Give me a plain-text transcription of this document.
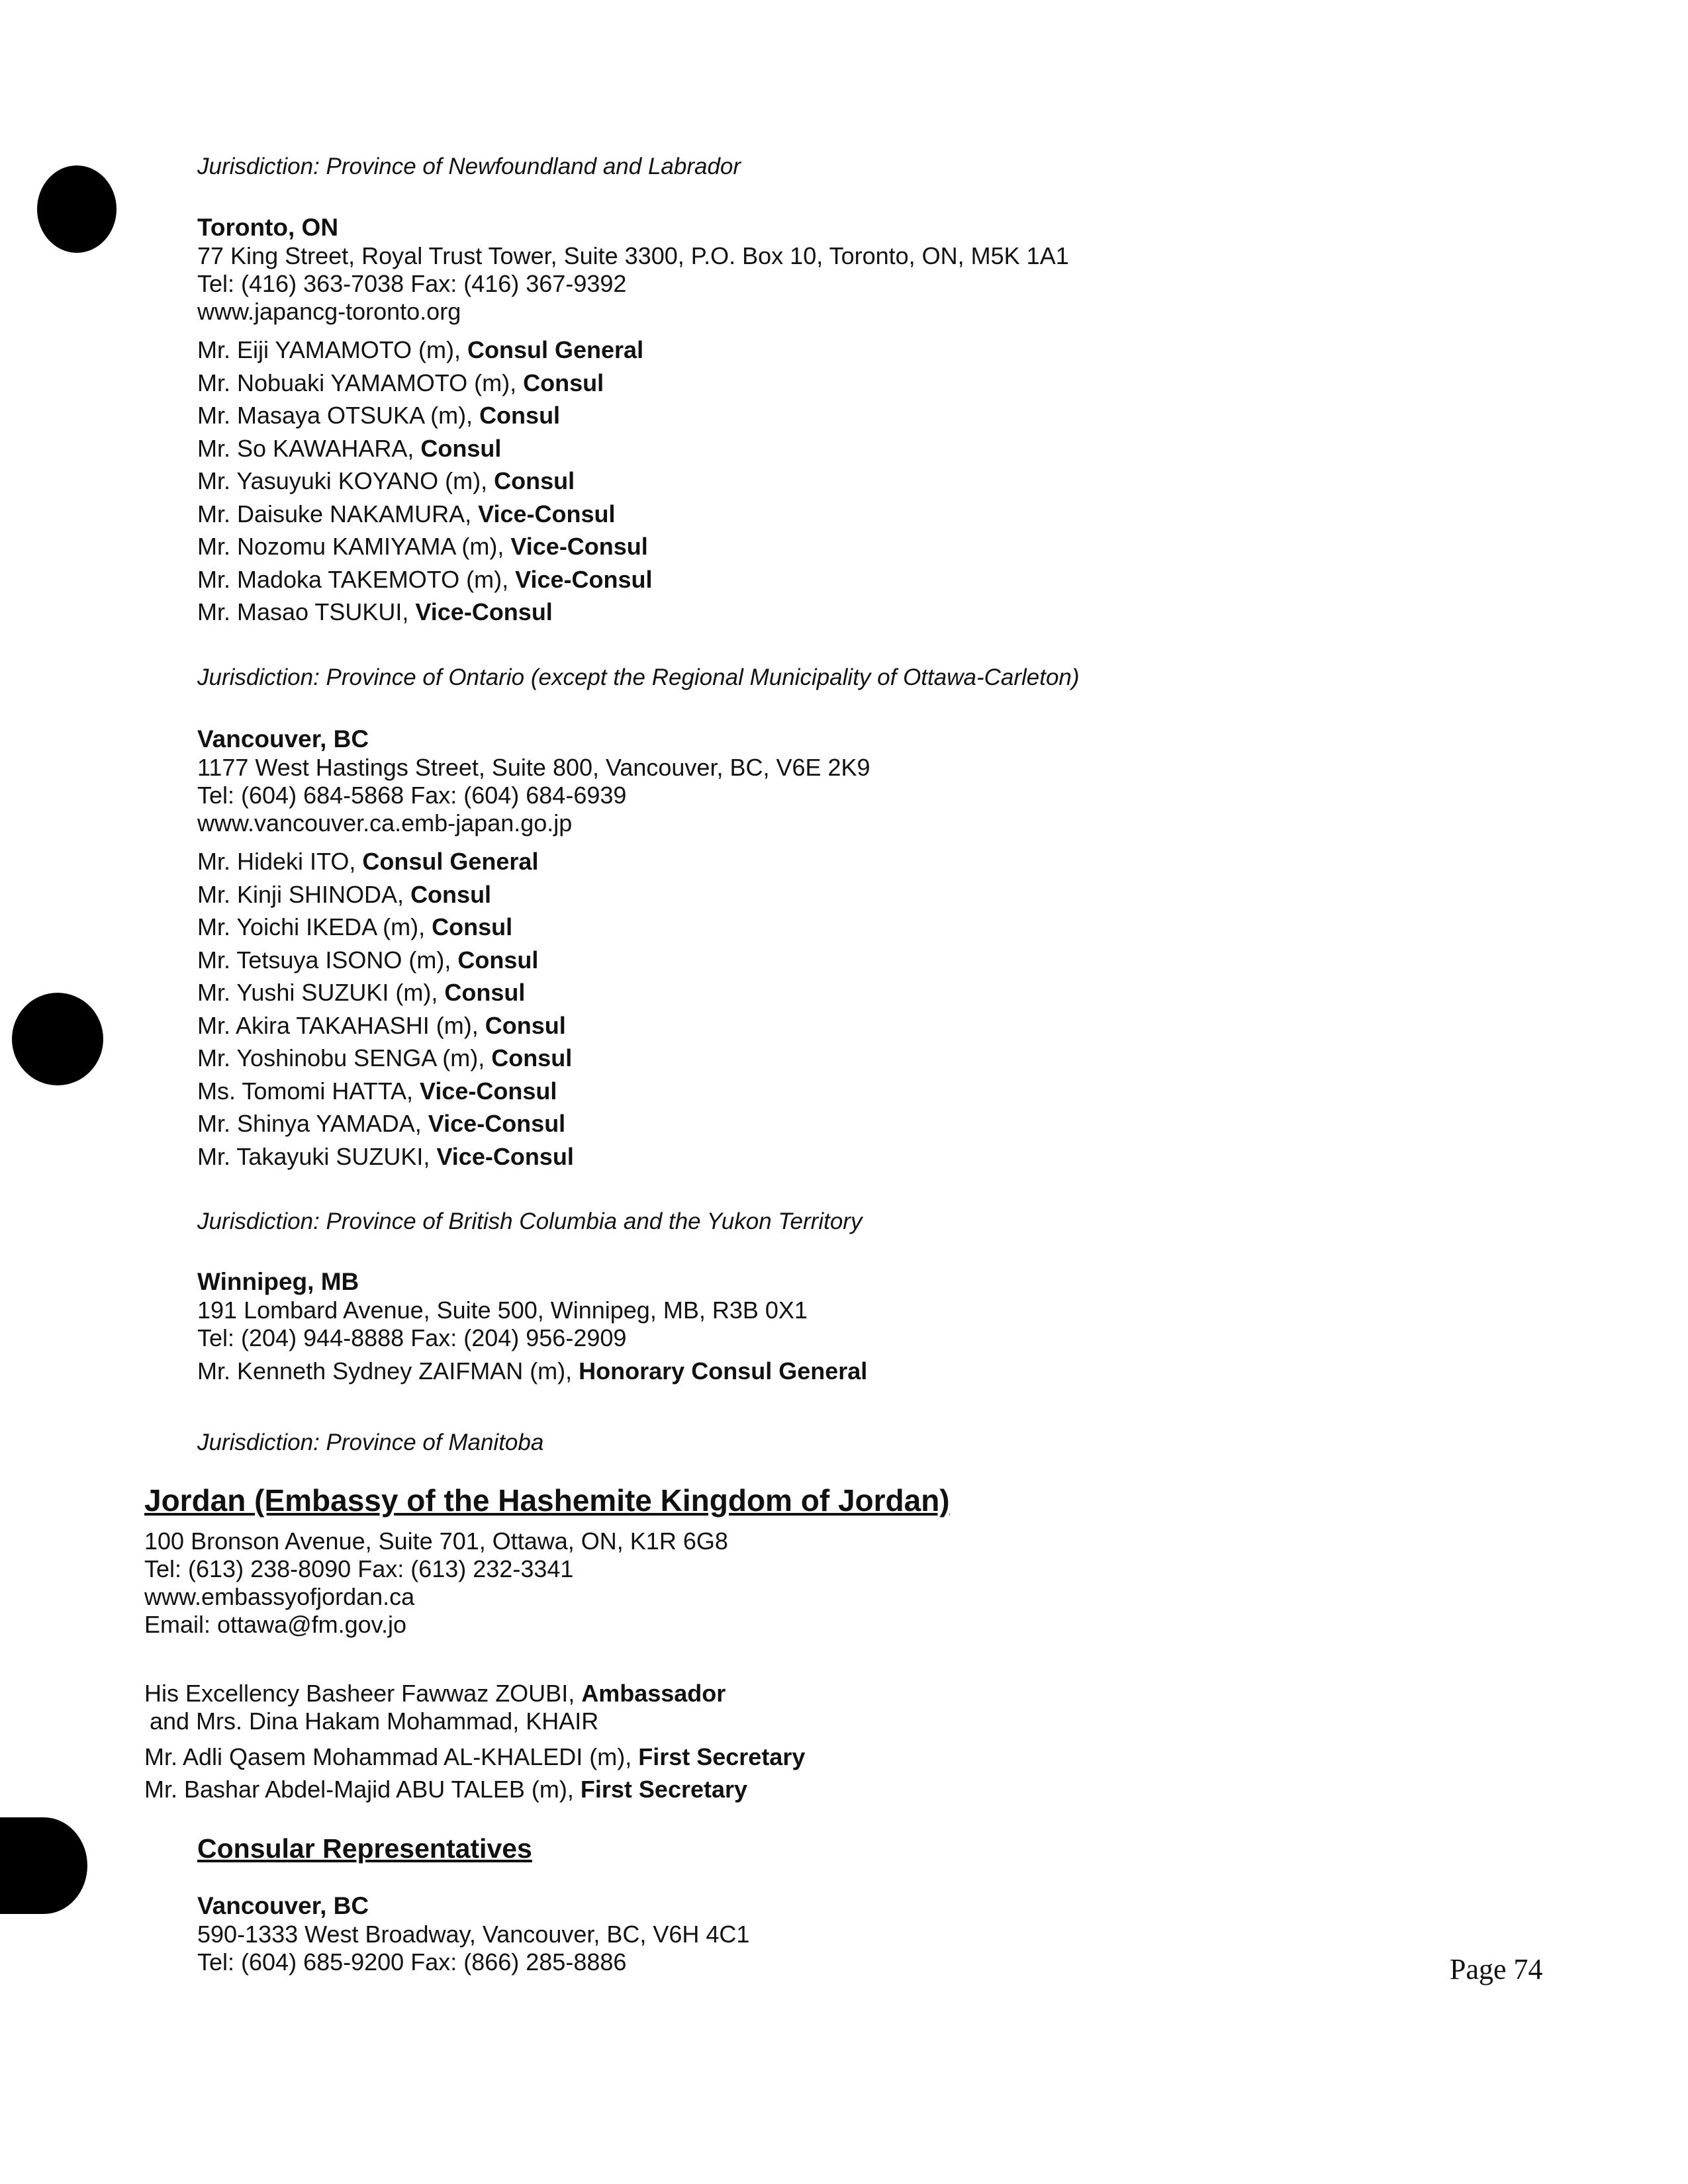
Jurisdiction: Province of Newfoundland and Labrador
Toronto, ON
77 King Street, Royal Trust Tower, Suite 3300, P.O. Box 10, Toronto, ON, M5K 1A1
Tel: (416) 363-7038 Fax: (416) 367-9392
www.japancg-toronto.org
Mr. Eiji YAMAMOTO (m), Consul General
Mr. Nobuaki YAMAMOTO (m), Consul
Mr. Masaya OTSUKA (m), Consul
Mr. So KAWAHARA, Consul
Mr. Yasuyuki KOYANO (m), Consul
Mr. Daisuke NAKAMURA, Vice-Consul
Mr. Nozomu KAMIYAMA (m), Vice-Consul
Mr. Madoka TAKEMOTO (m), Vice-Consul
Mr. Masao TSUKUI, Vice-Consul
Jurisdiction: Province of Ontario (except the Regional Municipality of Ottawa-Carleton)
Vancouver, BC
1177 West Hastings Street, Suite 800, Vancouver, BC, V6E 2K9
Tel: (604) 684-5868 Fax: (604) 684-6939
www.vancouver.ca.emb-japan.go.jp
Mr. Hideki ITO, Consul General
Mr. Kinji SHINODA, Consul
Mr. Yoichi IKEDA (m), Consul
Mr. Tetsuya ISONO (m), Consul
Mr. Yushi SUZUKI (m), Consul
Mr. Akira TAKAHASHI (m), Consul
Mr. Yoshinobu SENGA (m), Consul
Ms. Tomomi HATTA, Vice-Consul
Mr. Shinya YAMADA, Vice-Consul
Mr. Takayuki SUZUKI, Vice-Consul
Jurisdiction: Province of British Columbia and the Yukon Territory
Winnipeg, MB
191 Lombard Avenue, Suite 500, Winnipeg, MB, R3B 0X1
Tel: (204) 944-8888 Fax: (204) 956-2909
Mr. Kenneth Sydney ZAIFMAN (m), Honorary Consul General
Jurisdiction: Province of Manitoba
Jordan (Embassy of the Hashemite Kingdom of Jordan)
100 Bronson Avenue, Suite 701, Ottawa, ON, K1R 6G8
Tel: (613) 238-8090 Fax: (613) 232-3341
www.embassyofjordan.ca
Email: ottawa@fm.gov.jo
His Excellency Basheer Fawwaz ZOUBI, Ambassador
and Mrs. Dina Hakam Mohammad, KHAIR
Mr. Adli Qasem Mohammad AL-KHALEDI (m), First Secretary
Mr. Bashar Abdel-Majid ABU TALEB (m), First Secretary
Consular Representatives
Vancouver, BC
590-1333 West Broadway, Vancouver, BC, V6H 4C1
Tel: (604) 685-9200 Fax: (866) 285-8886	Page 74
